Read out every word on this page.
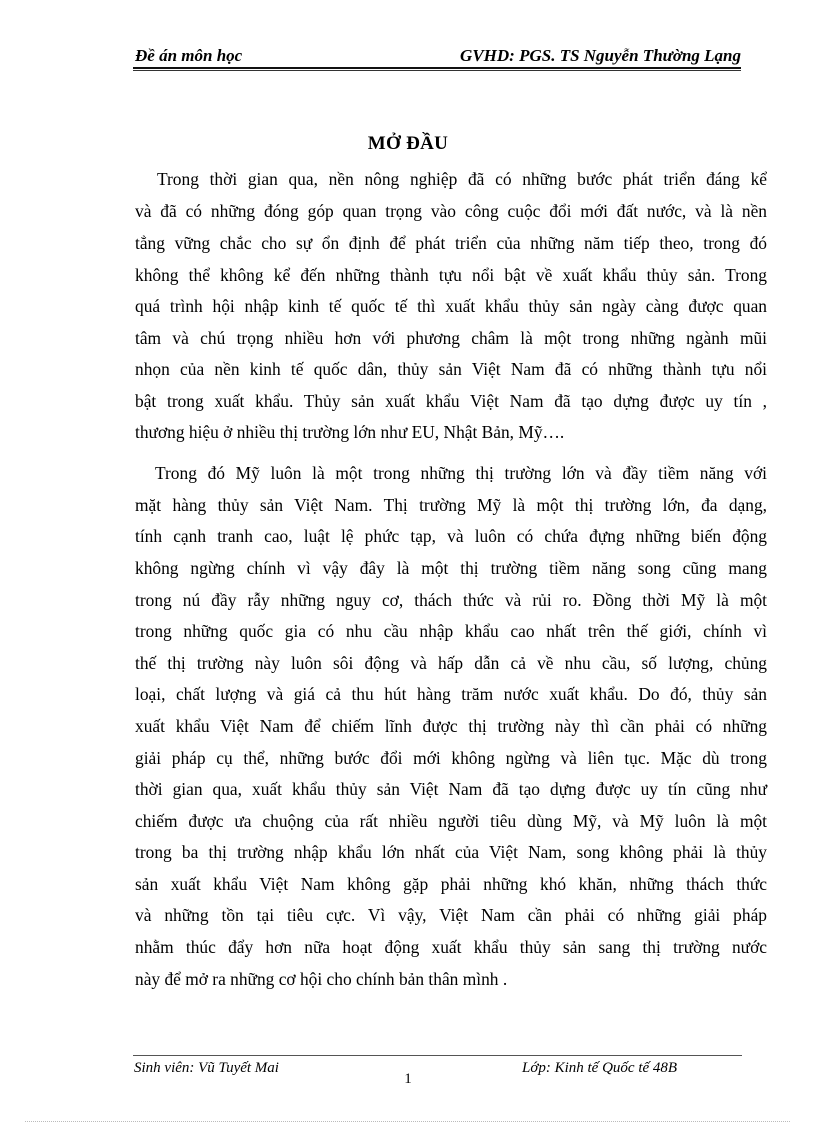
Đề án môn học	GVHD: PGS. TS Nguyễn Thường Lạng
MỞ ĐẦU
Trong thời gian qua, nền nông nghiệp đã có những bước phát triển đáng kể
và đã có những đóng góp quan trọng vào công cuộc đổi mới đất nước, và là nền
tẳng vững chắc cho sự ổn định để phát triển của những năm tiếp theo, trong đó
không thể không kể đến những thành tựu nổi bật về xuất khẩu thủy sản. Trong
quá trình hội nhập kinh tế quốc tế thì xuất khẩu thủy sản ngày càng được quan
tâm và chú trọng nhiều hơn với phương châm là một trong những ngành mũi
nhọn của nền kinh tế quốc dân, thủy sản Việt Nam đã có những thành tựu nổi
bật trong xuất khẩu. Thủy sản xuất khẩu Việt Nam đã tạo dựng được uy tín ,
thương hiệu ở nhiều thị trường lớn như EU, Nhật Bản, Mỹ….
Trong đó Mỹ luôn là một trong những thị trường lớn và đầy tiềm năng với
mặt hàng thủy sản Việt Nam. Thị trường Mỹ là một thị trường lớn, đa dạng,
tính cạnh tranh cao, luật lệ phức tạp, và luôn có chứa đựng những biến động
không ngừng chính vì vậy đây là một thị trường tiềm năng song cũng mang
trong nú đầy rẫy những nguy cơ, thách thức và rủi ro. Đồng thời Mỹ là một
trong những quốc gia có nhu cầu nhập khẩu cao nhất trên thế giới, chính vì
thế thị trường này luôn sôi động và hấp dẫn cả về nhu cầu, số lượng, chủng
loại, chất lượng và giá cả thu hút hàng trăm nước xuất khẩu. Do đó, thủy sản
xuất khẩu Việt Nam để chiếm lĩnh được thị trường này thì cần phải có những
giải pháp cụ thể, những bước đổi mới không ngừng và liên tục. Mặc dù trong
thời gian qua, xuất khẩu thủy sản Việt Nam đã tạo dựng được uy tín cũng như
chiếm được ưa chuộng của rất nhiều người tiêu dùng Mỹ, và Mỹ luôn là một
trong ba thị trường nhập khẩu lớn nhất của Việt Nam, song không phải là thủy
sản xuất khẩu Việt Nam không gặp phải những khó khăn, những thách thức
và những tồn tại tiêu cực. Vì vậy, Việt Nam cần phải có những giải pháp
nhằm thúc đẩy hơn nữa hoạt động xuất khẩu thủy sản sang thị trường nước
này để mở ra những cơ hội cho chính bản thân mình .
Sinh viên: Vũ Tuyết Mai	Lớp: Kinh tế Quốc tế 48B
1
